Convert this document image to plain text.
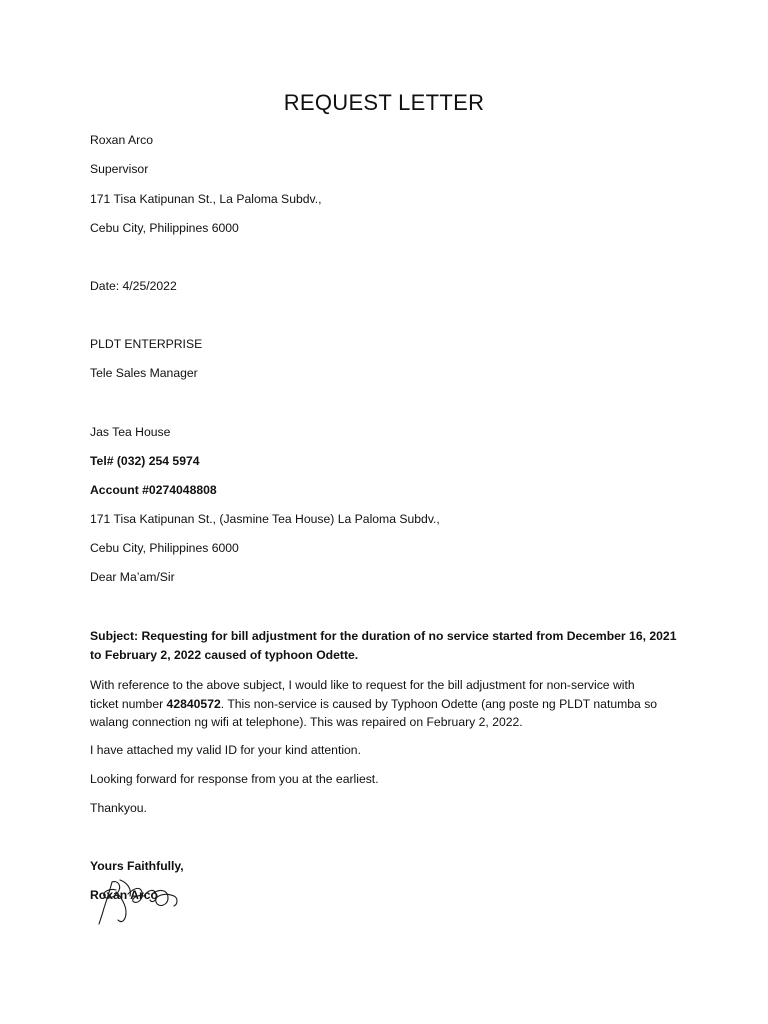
REQUEST LETTER
Roxan Arco
Supervisor
171 Tisa Katipunan St., La Paloma Subdv.,
Cebu City, Philippines 6000
Date: 4/25/2022
PLDT ENTERPRISE
Tele Sales Manager
Jas Tea House
Tel# (032) 254 5974
Account #0274048808
171 Tisa Katipunan St., (Jasmine Tea House) La Paloma Subdv.,
Cebu City, Philippines 6000
Dear Ma’am/Sir
Subject: Requesting for bill adjustment for the duration of no service started from December 16, 2021
to February 2, 2022 caused of typhoon Odette.
With reference to the above subject, I would like to request for the bill adjustment for non-service with
ticket number 42840572. This non-service is caused by Typhoon Odette (ang poste ng PLDT natumba so
walang connection ng wifi at telephone). This was repaired on February 2, 2022.
I have attached my valid ID for your kind attention.
Looking forward for response from you at the earliest.
Thankyou.
Yours Faithfully,
Roxan Arco
